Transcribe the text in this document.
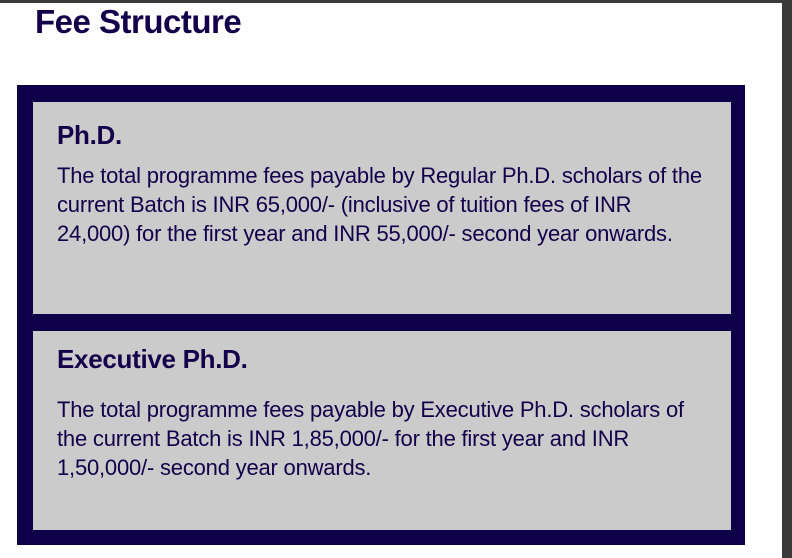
Fee Structure
Ph.D.

The total programme fees payable by Regular Ph.D. scholars of the current Batch is INR 65,000/- (inclusive of tuition fees of INR 24,000) for the first year and INR 55,000/- second year onwards.

Executive Ph.D.

The total programme fees payable by Executive Ph.D. scholars of the current Batch is INR 1,85,000/- for the first year and INR 1,50,000/- second year onwards.
